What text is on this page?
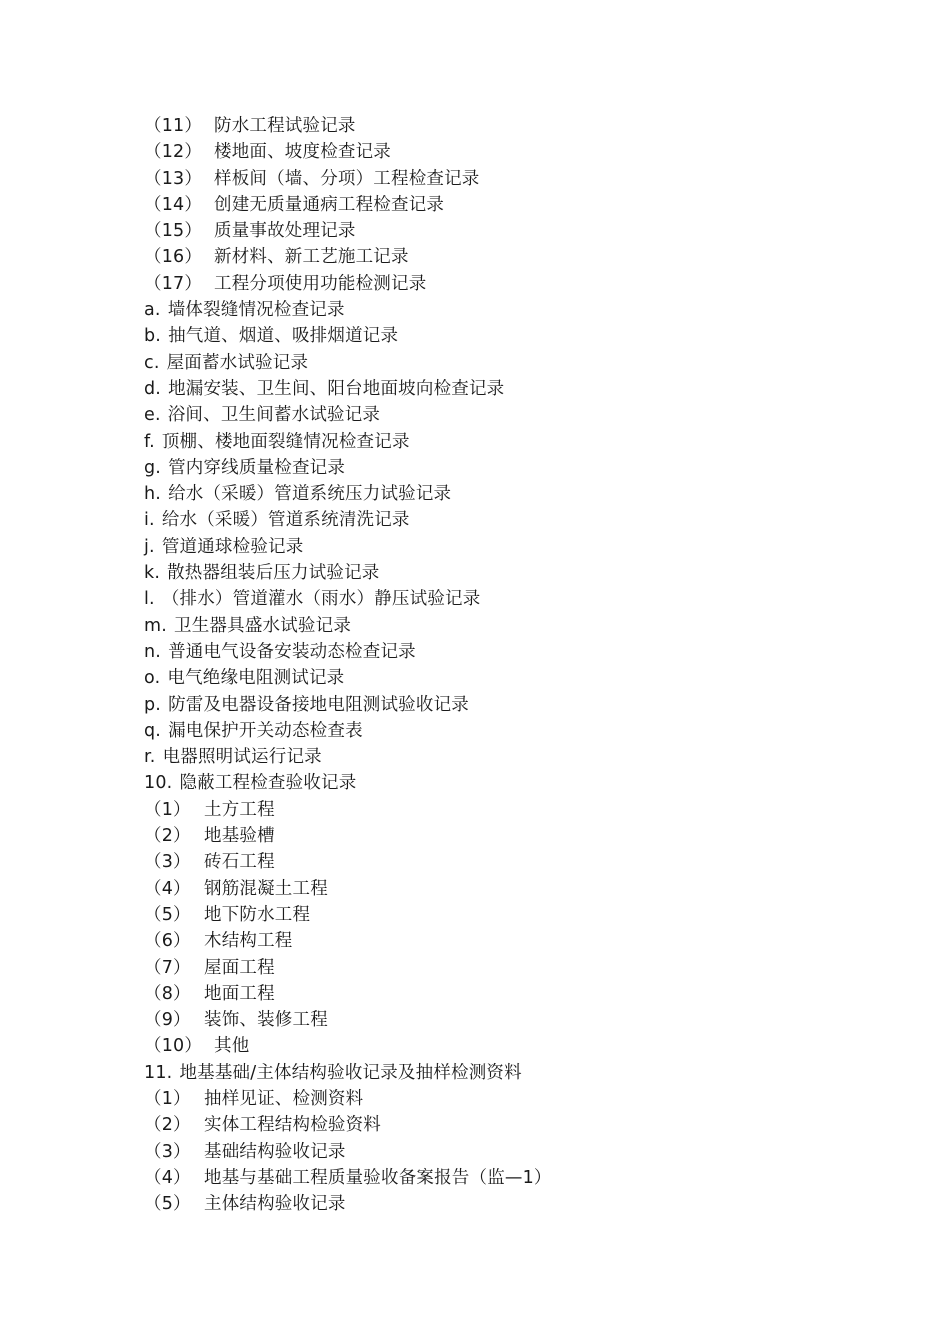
（11） 防水工程试验记录
（12） 楼地面、坡度检查记录
（13） 样板间（墙、分项）工程检查记录
（14） 创建无质量通病工程检查记录
（15） 质量事故处理记录
（16） 新材料、新工艺施工记录
（17） 工程分项使用功能检测记录
a. 墙体裂缝情况检查记录
b. 抽气道、烟道、吸排烟道记录
c. 屋面蓄水试验记录
d. 地漏安装、卫生间、阳台地面坡向检查记录
e. 浴间、卫生间蓄水试验记录
f. 顶棚、楼地面裂缝情况检查记录
g. 管内穿线质量检查记录
h. 给水（采暖）管道系统压力试验记录
i. 给水（采暖）管道系统清洗记录
j. 管道通球检验记录
k. 散热器组装后压力试验记录
l. （排水）管道灌水（雨水）静压试验记录
m. 卫生器具盛水试验记录
n. 普通电气设备安装动态检查记录
o. 电气绝缘电阻测试记录
p. 防雷及电器设备接地电阻测试验收记录
q. 漏电保护开关动态检查表
r. 电器照明试运行记录
10. 隐蔽工程检查验收记录
（1） 土方工程
（2） 地基验槽
（3） 砖石工程
（4） 钢筋混凝土工程
（5） 地下防水工程
（6） 木结构工程
（7） 屋面工程
（8） 地面工程
（9） 装饰、装修工程
（10） 其他
11. 地基基础/主体结构验收记录及抽样检测资料
（1） 抽样见证、检测资料
（2） 实体工程结构检验资料
（3） 基础结构验收记录
（4） 地基与基础工程质量验收备案报告（监—1）
（5） 主体结构验收记录
